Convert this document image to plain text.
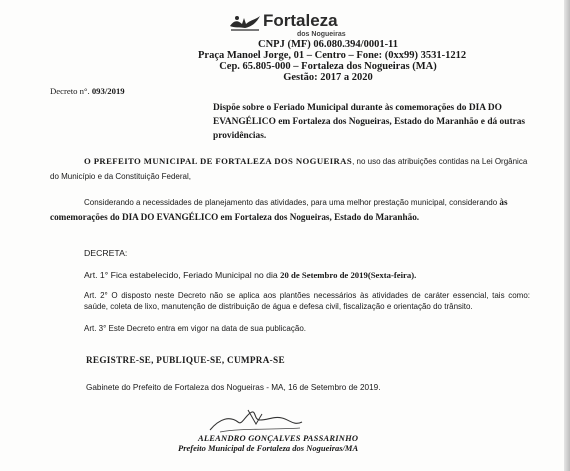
Fortaleza
dos Nogueiras
CNPJ (MF) 06.080.394/0001-11
Praça Manoel Jorge, 01 – Centro – Fone: (0xx99) 3531-1212
Cep. 65.805-000 – Fortaleza dos Nogueiras (MA)
Gestão: 2017 a 2020
Decreto n°. 093/2019
Dispõe sobre o Feriado Municipal durante às comemorações do DIA DO EVANGÉLICO em Fortaleza dos Nogueiras, Estado do Maranhão e dá outras providências.
O PREFEITO MUNICIPAL DE FORTALEZA DOS NOGUEIRAS, no uso das atribuições contidas na Lei Orgânica do Município e da Constituição Federal,
Considerando a necessidades de planejamento das atividades, para uma melhor prestação municipal, considerando às comemorações do DIA DO EVANGÉLICO em Fortaleza dos Nogueiras, Estado do Maranhão.
DECRETA:
Art. 1° Fica estabelecido, Feriado Municipal no dia 20 de Setembro de 2019(Sexta-feira).
Art. 2° O disposto neste Decreto não se aplica aos plantões necessários às atividades de caráter essencial, tais como: saúde, coleta de lixo, manutenção de distribuição de água e defesa civil, fiscalização e orientação do trânsito.
Art. 3° Este Decreto entra em vigor na data de sua publicação.
REGISTRE-SE, PUBLIQUE-SE, CUMPRA-SE
Gabinete do Prefeito de Fortaleza dos Nogueiras - MA, 16 de Setembro de 2019.
ALEANDRO GONÇALVES PASSARINHO
Prefeito Municipal de Fortaleza dos Nogueiras/MA
